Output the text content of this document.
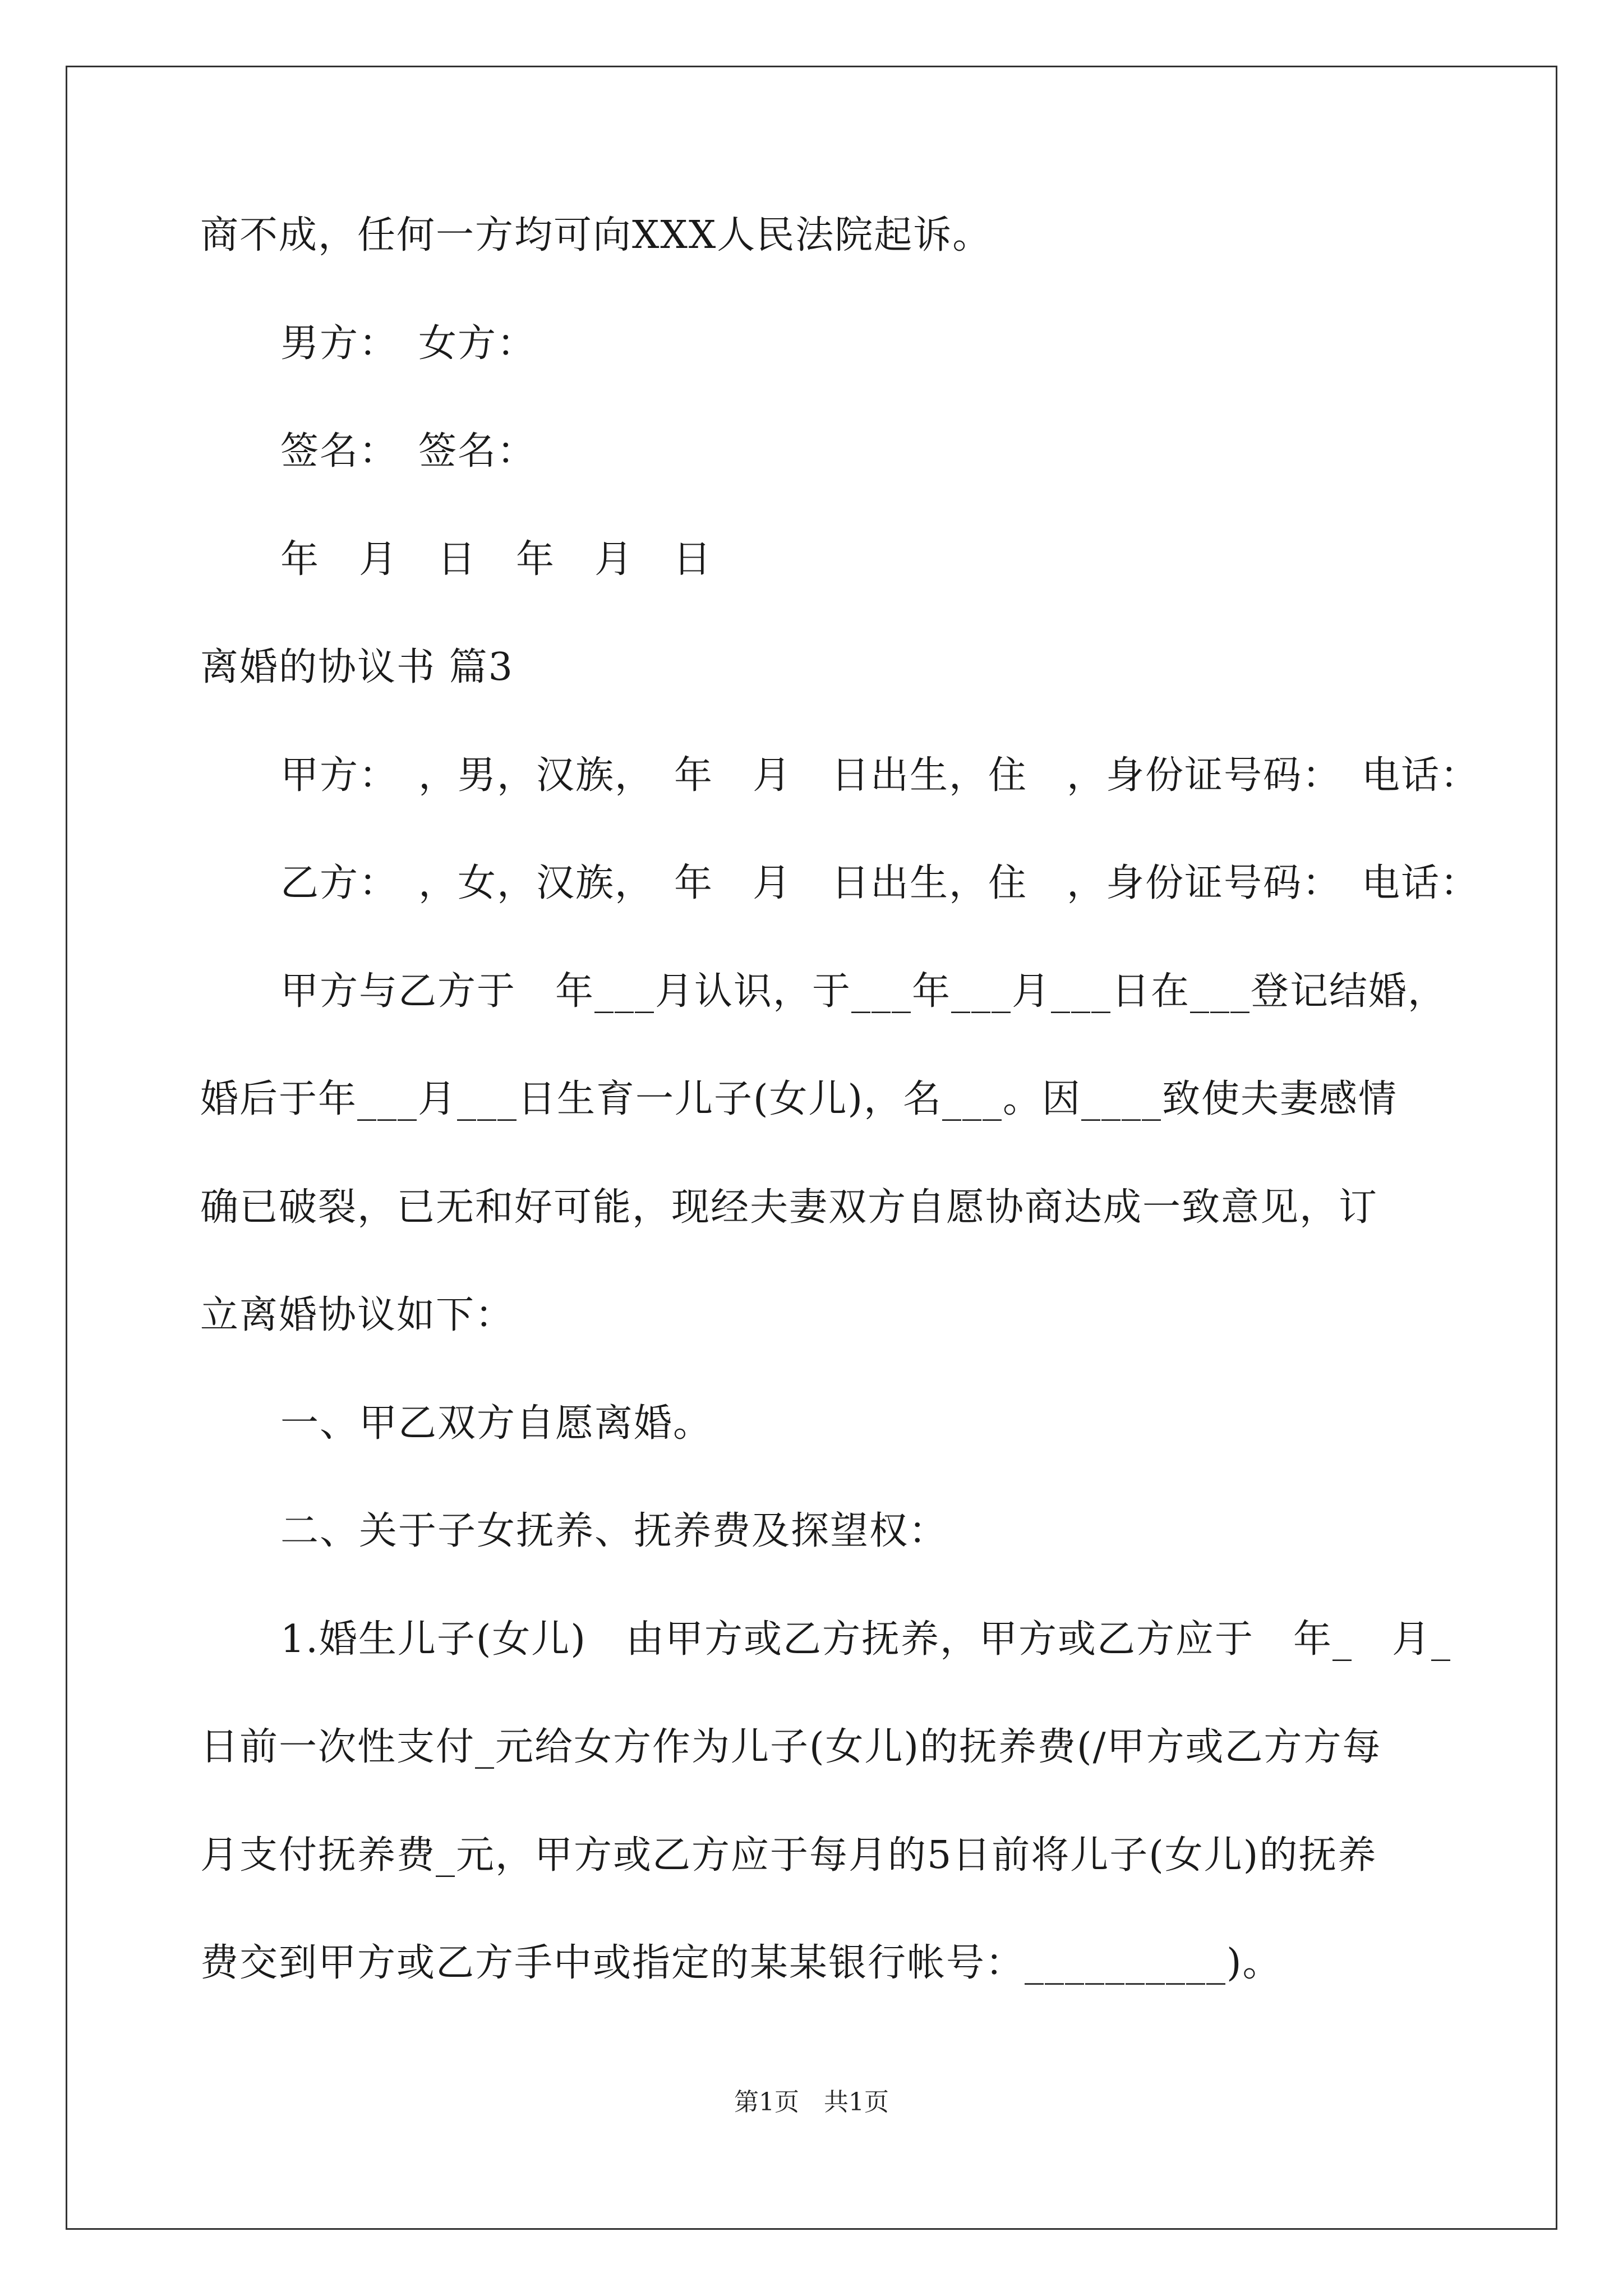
商不成，任何一方均可向XXX人民法院起诉。
男方：　女方：
签名：　签名：
年　月　日　年　月　日
离婚的协议书 篇3
甲方：　，男，汉族，　年　月　日出生，住　，身份证号码：　电话：
乙方：　，女，汉族，　年　月　日出生，住　，身份证号码：　电话：
甲方与乙方于　年___月认识，于___年___月___日在___登记结婚，
婚后于年___月___日生育一儿子(女儿)，名___。因____致使夫妻感情
确已破裂，已无和好可能，现经夫妻双方自愿协商达成一致意见，订
立离婚协议如下：
一、甲乙双方自愿离婚。
二、关于子女抚养、抚养费及探望权：
1.婚生儿子(女儿)　由甲方或乙方抚养，甲方或乙方应于　年_　月_
日前一次性支付_元给女方作为儿子(女儿)的抚养费(/甲方或乙方方每
月支付抚养费_元，甲方或乙方应于每月的5日前将儿子(女儿)的抚养
费交到甲方或乙方手中或指定的某某银行帐号：__________)。
第1页　共1页
